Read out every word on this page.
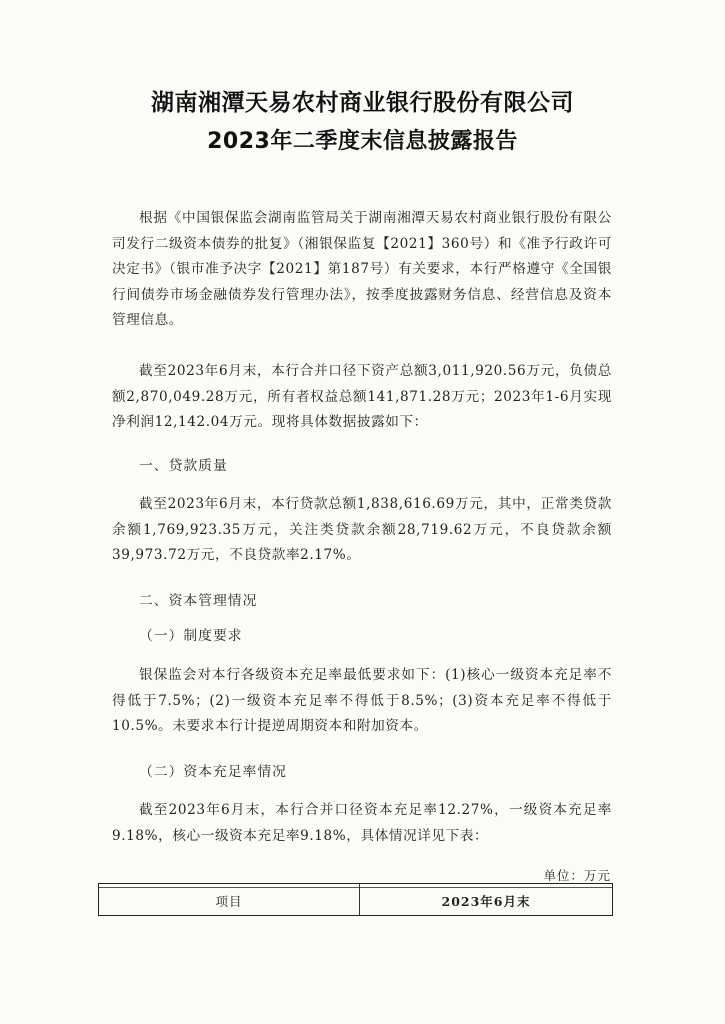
湖南湘潭天易农村商业银行股份有限公司
2023年二季度末信息披露报告

根据《中国银保监会湖南监管局关于湖南湘潭天易农村商业银行股份有限公司发行二级资本债券的批复》（湘银保监复【2021】360号）和《准予行政许可决定书》（银市准予决字【2021】第187号）有关要求，本行严格遵守《全国银行间债券市场金融债券发行管理办法》，按季度披露财务信息、经营信息及资本管理信息。

截至2023年6月末，本行合并口径下资产总额3,011,920.56万元，负债总额2,870,049.28万元，所有者权益总额141,871.28万元；2023年1-6月实现净利润12,142.04万元。现将具体数据披露如下：

一、贷款质量

截至2023年6月末，本行贷款总额1,838,616.69万元，其中，正常类贷款余额1,769,923.35万元，关注类贷款余额28,719.62万元，不良贷款余额39,973.72万元，不良贷款率2.17%。

二、资本管理情况

（一）制度要求

银保监会对本行各级资本充足率最低要求如下：(1)核心一级资本充足率不得低于7.5%；(2)一级资本充足率不得低于8.5%；(3)资本充足率不得低于10.5%。未要求本行计提逆周期资本和附加资本。

（二）资本充足率情况

截至2023年6月末，本行合并口径资本充足率12.27%，一级资本充足率9.18%，核心一级资本充足率9.18%，具体情况详见下表：

单位：万元
项目	2023年6月末
